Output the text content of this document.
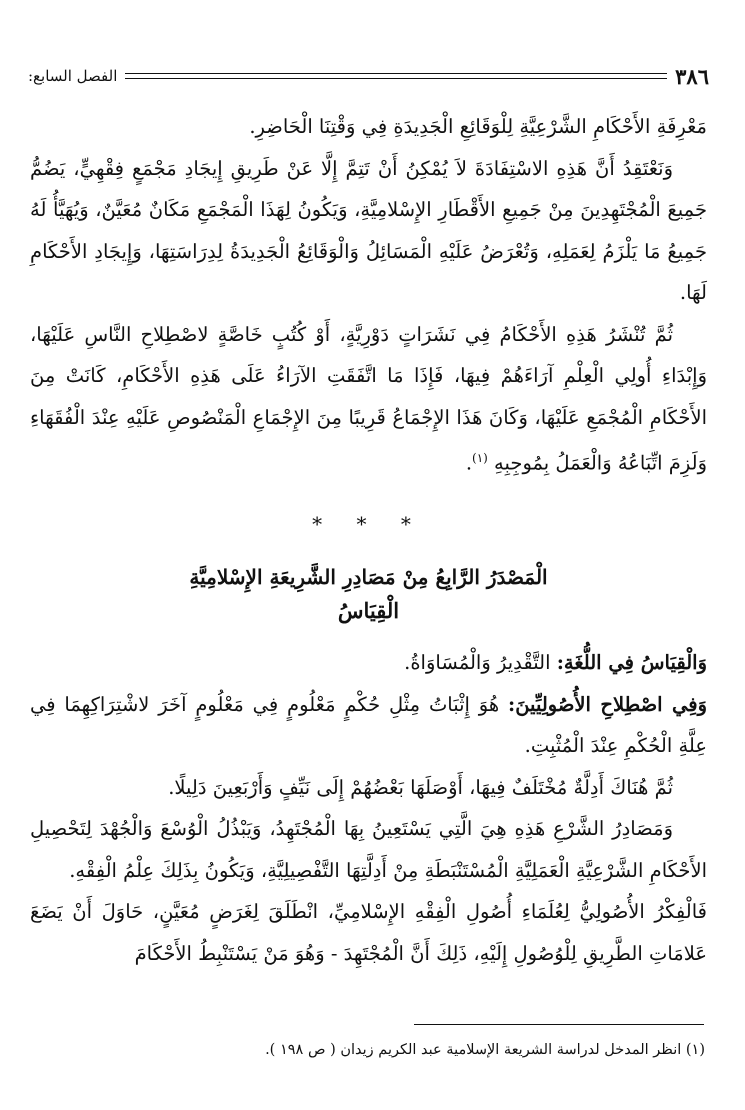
٣٨٦
الفصل السابع:

مَعْرِفَةِ الأَحْكَامِ الشَّرْعِيَّةِ لِلْوَقَائِعِ الْجَدِيدَةِ فِي وَقْتِنَا الْحَاضِرِ.

وَنَعْتَقِدُ أَنَّ هَذِهِ الاسْتِفَادَةَ لاَ يُمْكِنُ أَنْ تَتِمَّ إِلَّا عَنْ طَرِيقِ إِيجَادِ مَجْمَعٍ فِقْهِيٍّ، يَضُمُّ جَمِيعَ الْمُجْتَهِدِينَ مِنْ جَمِيعِ الأَقْطَارِ الإِسْلامِيَّةِ، وَيَكُونُ لِهَذَا الْمَجْمَعِ مَكَانٌ مُعَيَّنٌ، وَيُهَيَّأُ لَهُ جَمِيعُ مَا يَلْزَمُ لِعَمَلِهِ، وَتُعْرَضُ عَلَيْهِ الْمَسَائِلُ وَالْوَقَائِعُ الْجَدِيدَةُ لِدِرَاسَتِهَا، وَإِيجَادِ الأَحْكَامِ لَهَا.

ثُمَّ تُنْشَرُ هَذِهِ الأَحْكَامُ فِي نَشَرَاتٍ دَوْرِيَّةٍ، أَوْ كُتُبٍ خَاصَّةٍ لاصْطِلاحِ النَّاسِ عَلَيْهَا، وَإِبْدَاءِ أُولِي الْعِلْمِ آرَاءَهُمْ فِيهَا، فَإِذَا مَا اتَّفَقَتِ الآرَاءُ عَلَى هَذِهِ الأَحْكَامِ، كَانَتْ مِنَ الأَحْكَامِ الْمُجْمَعِ عَلَيْهَا، وَكَانَ هَذَا الإِجْمَاعُ قَرِيبًا مِنَ الإِجْمَاعِ الْمَنْصُوصِ عَلَيْهِ عِنْدَ الْفُقَهَاءِ وَلَزِمَ اتِّبَاعُهُ وَالْعَمَلُ بِمُوجِبِهِ $^{(١)}$.

* * *

الْمَصْدَرُ الرَّابِعُ مِنْ مَصَادِرِ الشَّرِيعَةِ الإِسْلامِيَّةِ

الْقِيَاسُ

وَالْقِيَاسُ فِي اللُّغَةِ: التَّقْدِيرُ وَالْمُسَاوَاةُ.

وَفِي اصْطِلاحِ الأُصُولِيِّينَ: هُوَ إِثْبَاتُ مِثْلِ حُكْمٍ مَعْلُومٍ فِي مَعْلُومٍ آخَرَ لاشْتِرَاكِهِمَا فِي عِلَّةِ الْحُكْمِ عِنْدَ الْمُثْبِتِ.

ثُمَّ هُنَاكَ أَدِلَّةٌ مُخْتَلَفٌ فِيهَا، أَوْصَلَهَا بَعْضُهُمْ إِلَى نَيِّفٍ وَأَرْبَعِينَ دَلِيلًا.

وَمَصَادِرُ الشَّرْعِ هَذِهِ هِيَ الَّتِي يَسْتَعِينُ بِهَا الْمُجْتَهِدُ، وَيَبْذُلُ الْوُسْعَ وَالْجُهْدَ لِتَحْصِيلِ الأَحْكَامِ الشَّرْعِيَّةِ الْعَمَلِيَّةِ الْمُسْتَنْبَطَةِ مِنْ أَدِلَّتِهَا التَّفْصِيلِيَّةِ، وَيَكُونُ بِذَلِكَ عِلْمُ الْفِقْهِ.

فَالْفِكْرُ الأُصُولِيُّ لِعُلَمَاءِ أُصُولِ الْفِقْهِ الإِسْلامِيِّ، انْطَلَقَ لِغَرَضٍ مُعَيَّنٍ، حَاوَلَ أَنْ يَضَعَ عَلامَاتِ الطَّرِيقِ لِلْوُصُولِ إِلَيْهِ، ذَلِكَ أَنَّ الْمُجْتَهِدَ - وَهُوَ مَنْ يَسْتَنْبِطُ الأَحْكَامَ

(١) انظر المدخل لدراسة الشريعة الإسلامية عبد الكريم زيدان ( ص ١٩٨ ).
